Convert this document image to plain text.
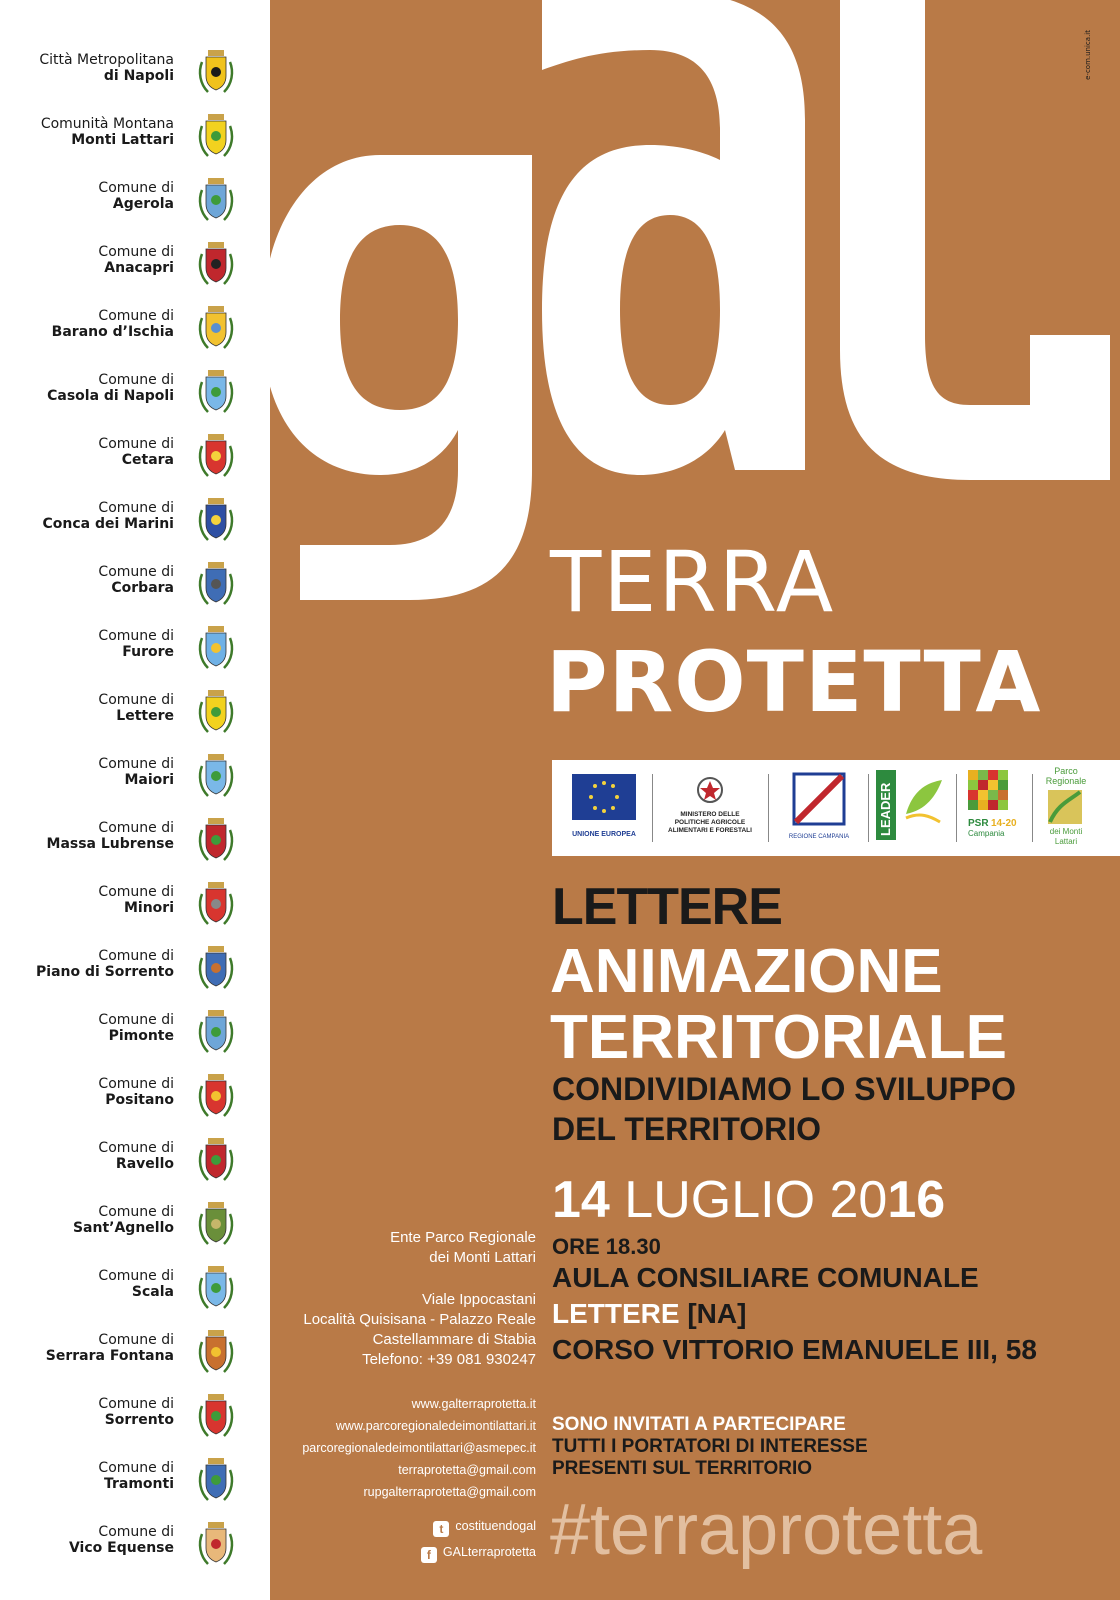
Città Metropolitana
di Napoli
Comunità Montana
Monti Lattari
Comune di
Agerola
Comune di
Anacapri
Comune di
Barano d’Ischia
Comune di
Casola di Napoli
Comune di
Cetara
Comune di
Conca dei Marini
Comune di
Corbara
Comune di
Furore
Comune di
Lettere
Comune di
Maiori
Comune di
Massa Lubrense
Comune di
Minori
Comune di
Piano di Sorrento
Comune di
Pimonte
Comune di
Positano
Comune di
Ravello
Comune di
Sant’Agnello
Comune di
Scala
Comune di
Serrara Fontana
Comune di
Sorrento
Comune di
Tramonti
Comune di
Vico Equense
TERRA
PROTETTA
UNIONE EUROPEA
MINISTERO DELLE
POLITICHE AGRICOLE
ALIMENTARI E FORESTALI
REGIONE CAMPANIA
LEADER	PSR 14-20
Campania
Parco
Regionale
dei Monti
Lattari
LETTERE
ANIMAZIONE
TERRITORIALE
CONDIVIDIAMO LO SVILUPPO
DEL TERRITORIO
14 LUGLIO 2016
ORE 18.30
AULA CONSILIARE COMUNALE
LETTERE [NA]
CORSO VITTORIO EMANUELE III, 58
SONO INVITATI A PARTECIPARE
TUTTI I PORTATORI DI INTERESSE
PRESENTI SUL TERRITORIO
#terraprotetta
Ente Parco Regionale
dei Monti Lattari
Viale Ippocastani
Località Quisisana - Palazzo Reale
Castellammare di Stabia
Telefono: +39 081 930247
www.galterraprotetta.it
www.parcoregionaledeimontilattari.it
parcoregionaledeimontilattari@asmepec.it
terraprotetta@gmail.com
rupgalterraprotetta@gmail.com
t costituendogal
f GALterraprotetta
e-com.unica.it
